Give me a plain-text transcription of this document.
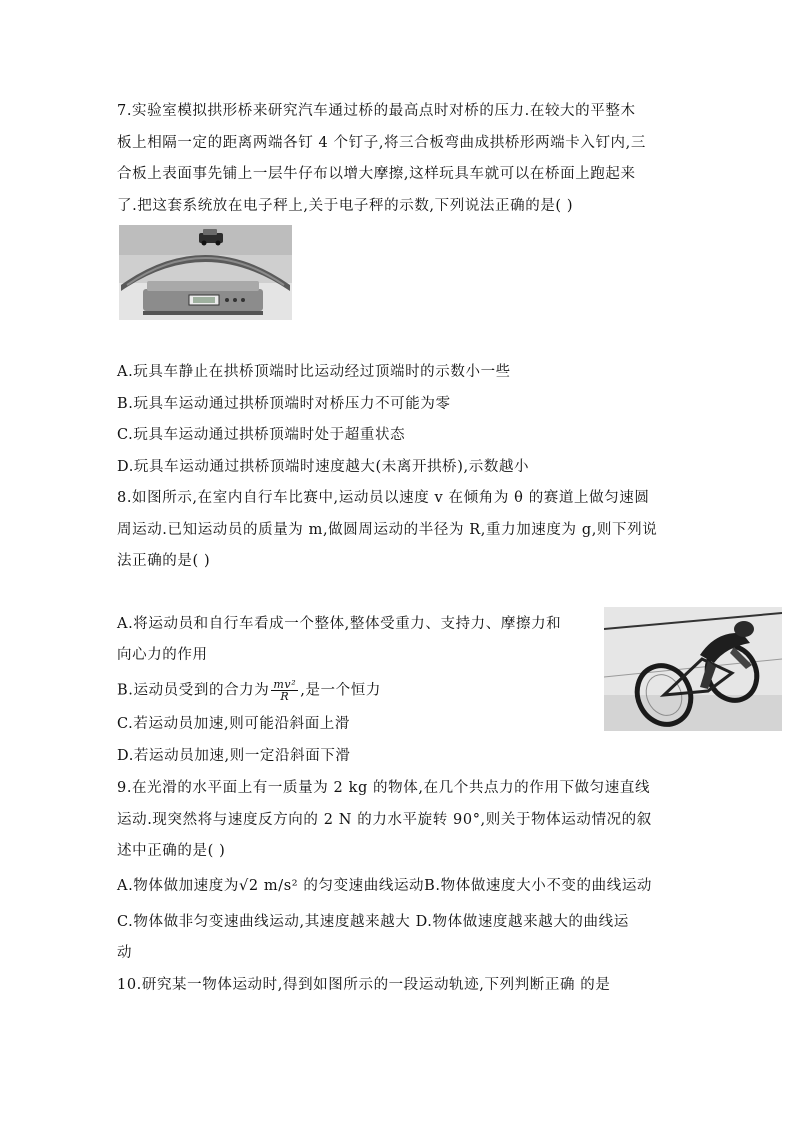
7.实验室模拟拱形桥来研究汽车通过桥的最高点时对桥的压力.在较大的平整木
板上相隔一定的距离两端各钉 4 个钉子,将三合板弯曲成拱桥形两端卡入钉内,三
合板上表面事先铺上一层牛仔布以增大摩擦,这样玩具车就可以在桥面上跑起来
了.把这套系统放在电子秤上,关于电子秤的示数,下列说法正确的是( )
A.玩具车静止在拱桥顶端时比运动经过顶端时的示数小一些
B.玩具车运动通过拱桥顶端时对桥压力不可能为零
C.玩具车运动通过拱桥顶端时处于超重状态
D.玩具车运动通过拱桥顶端时速度越大(未离开拱桥),示数越小
8.如图所示,在室内自行车比赛中,运动员以速度 v 在倾角为 θ 的赛道上做匀速圆
周运动.已知运动员的质量为 m,做圆周运动的半径为 R,重力加速度为 g,则下列说
法正确的是( )
A.将运动员和自行车看成一个整体,整体受重力、支持力、摩擦力和
向心力的作用
B.运动员受到的合力为 $\frac{\text{mv²}}{R}$ ,是一个恒力
C.若运动员加速,则可能沿斜面上滑
D.若运动员加速,则一定沿斜面下滑
9.在光滑的水平面上有一质量为 2 kg 的物体,在几个共点力的作用下做匀速直线
运动.现突然将与速度反方向的 2 N 的力水平旋转 90°,则关于物体运动情况的叙
述中正确的是( )
A.物体做加速度为√2 m/s² 的匀变速曲线运动B.物体做速度大小不变的曲线运动
C.物体做非匀变速曲线运动,其速度越来越大 D.物体做速度越来越大的曲线运
动
10.研究某一物体运动时,得到如图所示的一段运动轨迹,下列判断正确 的是
